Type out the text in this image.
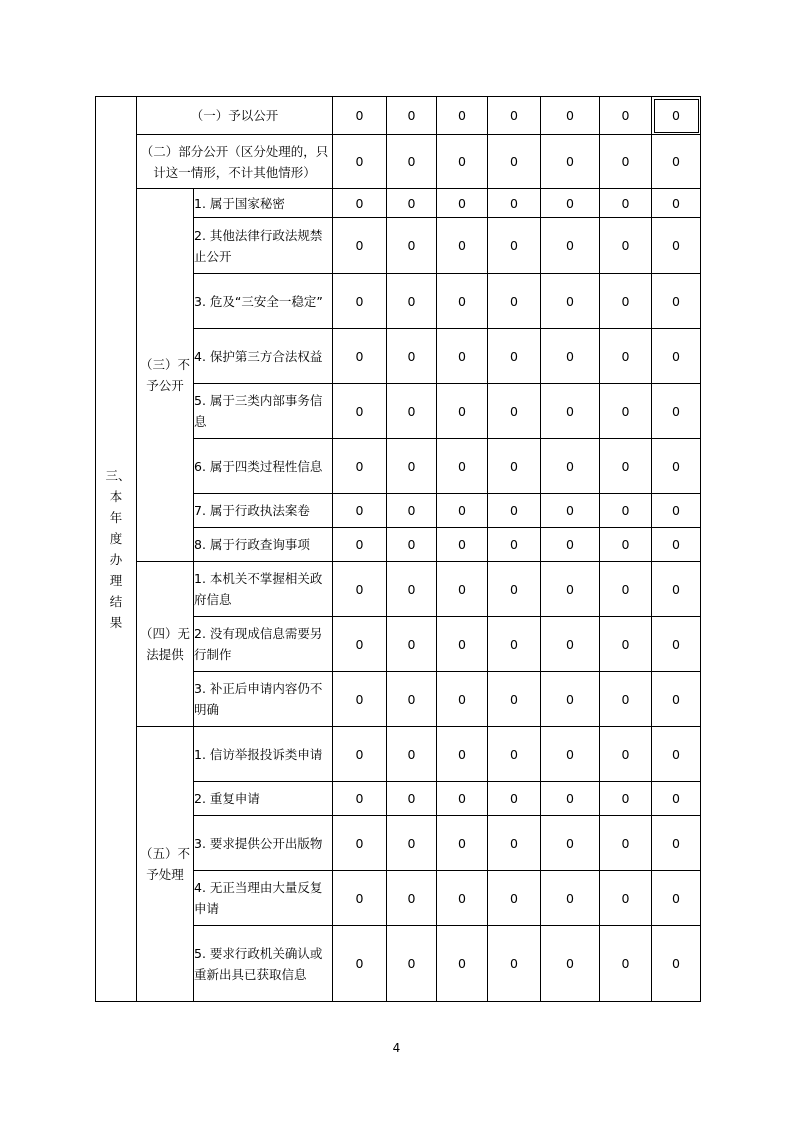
三、本年度办理结果	（一）予以公开		0	0	0	0	0	0	0
	（二）部分公开（区分处理的，只计这一情形，不计其他情形）		0	0	0	0	0	0	0
	（三）不予公开	1. 属于国家秘密	0	0	0	0	0	0	0
		2. 其他法律行政法规禁止公开	0	0	0	0	0	0	0
		3. 危及“三安全一稳定”	0	0	0	0	0	0	0
		4. 保护第三方合法权益	0	0	0	0	0	0	0
		5. 属于三类内部事务信息	0	0	0	0	0	0	0
		6. 属于四类过程性信息	0	0	0	0	0	0	0
		7. 属于行政执法案卷	0	0	0	0	0	0	0
		8. 属于行政查询事项	0	0	0	0	0	0	0
	（四）无法提供	1. 本机关不掌握相关政府信息	0	0	0	0	0	0	0
		2. 没有现成信息需要另行制作	0	0	0	0	0	0	0
		3. 补正后申请内容仍不明确	0	0	0	0	0	0	0
	（五）不予处理	1. 信访举报投诉类申请	0	0	0	0	0	0	0
		2. 重复申请	0	0	0	0	0	0	0
		3. 要求提供公开出版物	0	0	0	0	0	0	0
		4. 无正当理由大量反复申请	0	0	0	0	0	0	0
		5. 要求行政机关确认或重新出具已获取信息	0	0	0	0	0	0	0
4
